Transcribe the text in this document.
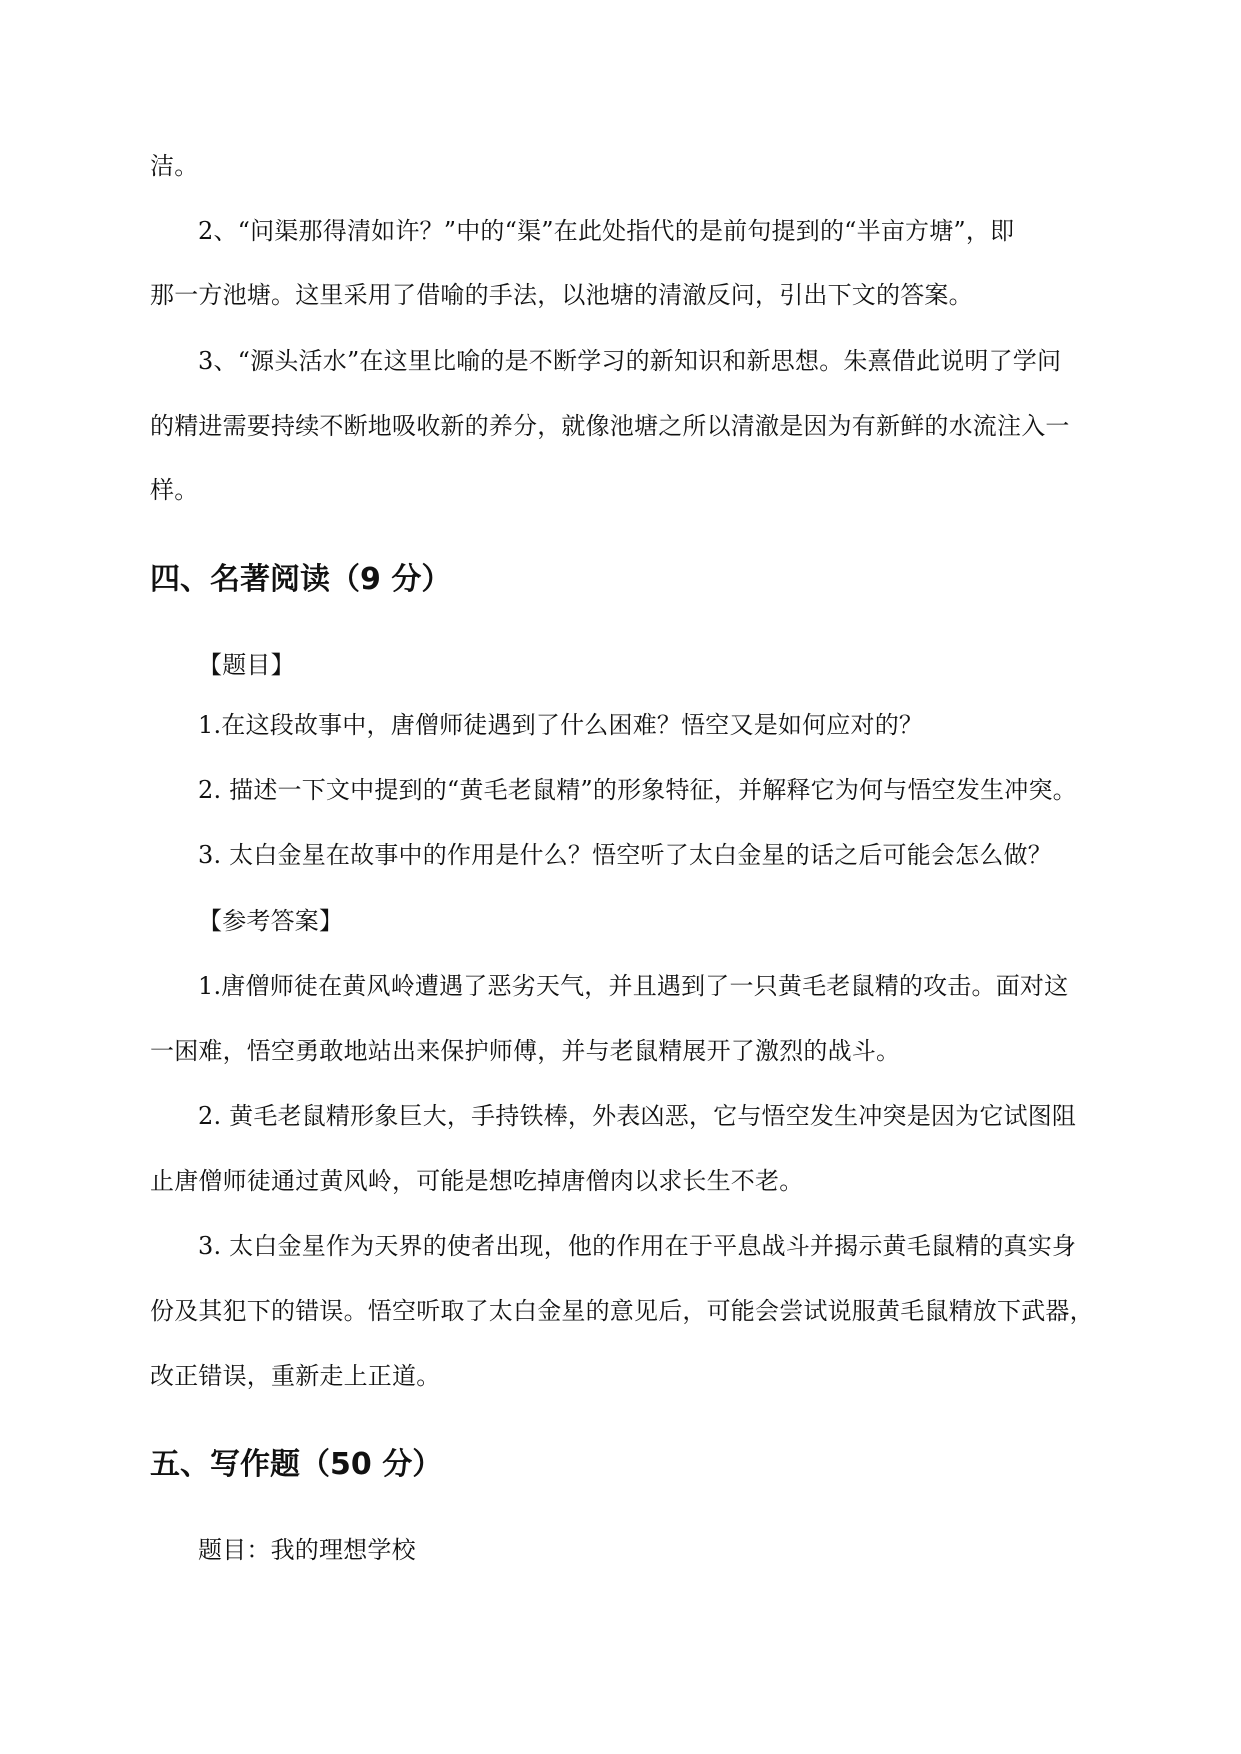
洁。
2、“问渠那得清如许？”中的“渠”在此处指代的是前句提到的“半亩方塘”，即
那一方池塘。这里采用了借喻的手法，以池塘的清澈反问，引出下文的答案。
3、“源头活水”在这里比喻的是不断学习的新知识和新思想。朱熹借此说明了学问
的精进需要持续不断地吸收新的养分，就像池塘之所以清澈是因为有新鲜的水流注入一
样。
四、名著阅读（9 分）
【题目】
1.在这段故事中，唐僧师徒遇到了什么困难？悟空又是如何应对的？
2. 描述一下文中提到的“黄毛老鼠精”的形象特征，并解释它为何与悟空发生冲突。
3. 太白金星在故事中的作用是什么？悟空听了太白金星的话之后可能会怎么做？
【参考答案】
1.唐僧师徒在黄风岭遭遇了恶劣天气，并且遇到了一只黄毛老鼠精的攻击。面对这
一困难，悟空勇敢地站出来保护师傅，并与老鼠精展开了激烈的战斗。
2. 黄毛老鼠精形象巨大，手持铁棒，外表凶恶，它与悟空发生冲突是因为它试图阻
止唐僧师徒通过黄风岭，可能是想吃掉唐僧肉以求长生不老。
3. 太白金星作为天界的使者出现，他的作用在于平息战斗并揭示黄毛鼠精的真实身
份及其犯下的错误。悟空听取了太白金星的意见后，可能会尝试说服黄毛鼠精放下武器，
改正错误，重新走上正道。
五、写作题（50 分）
题目：我的理想学校
